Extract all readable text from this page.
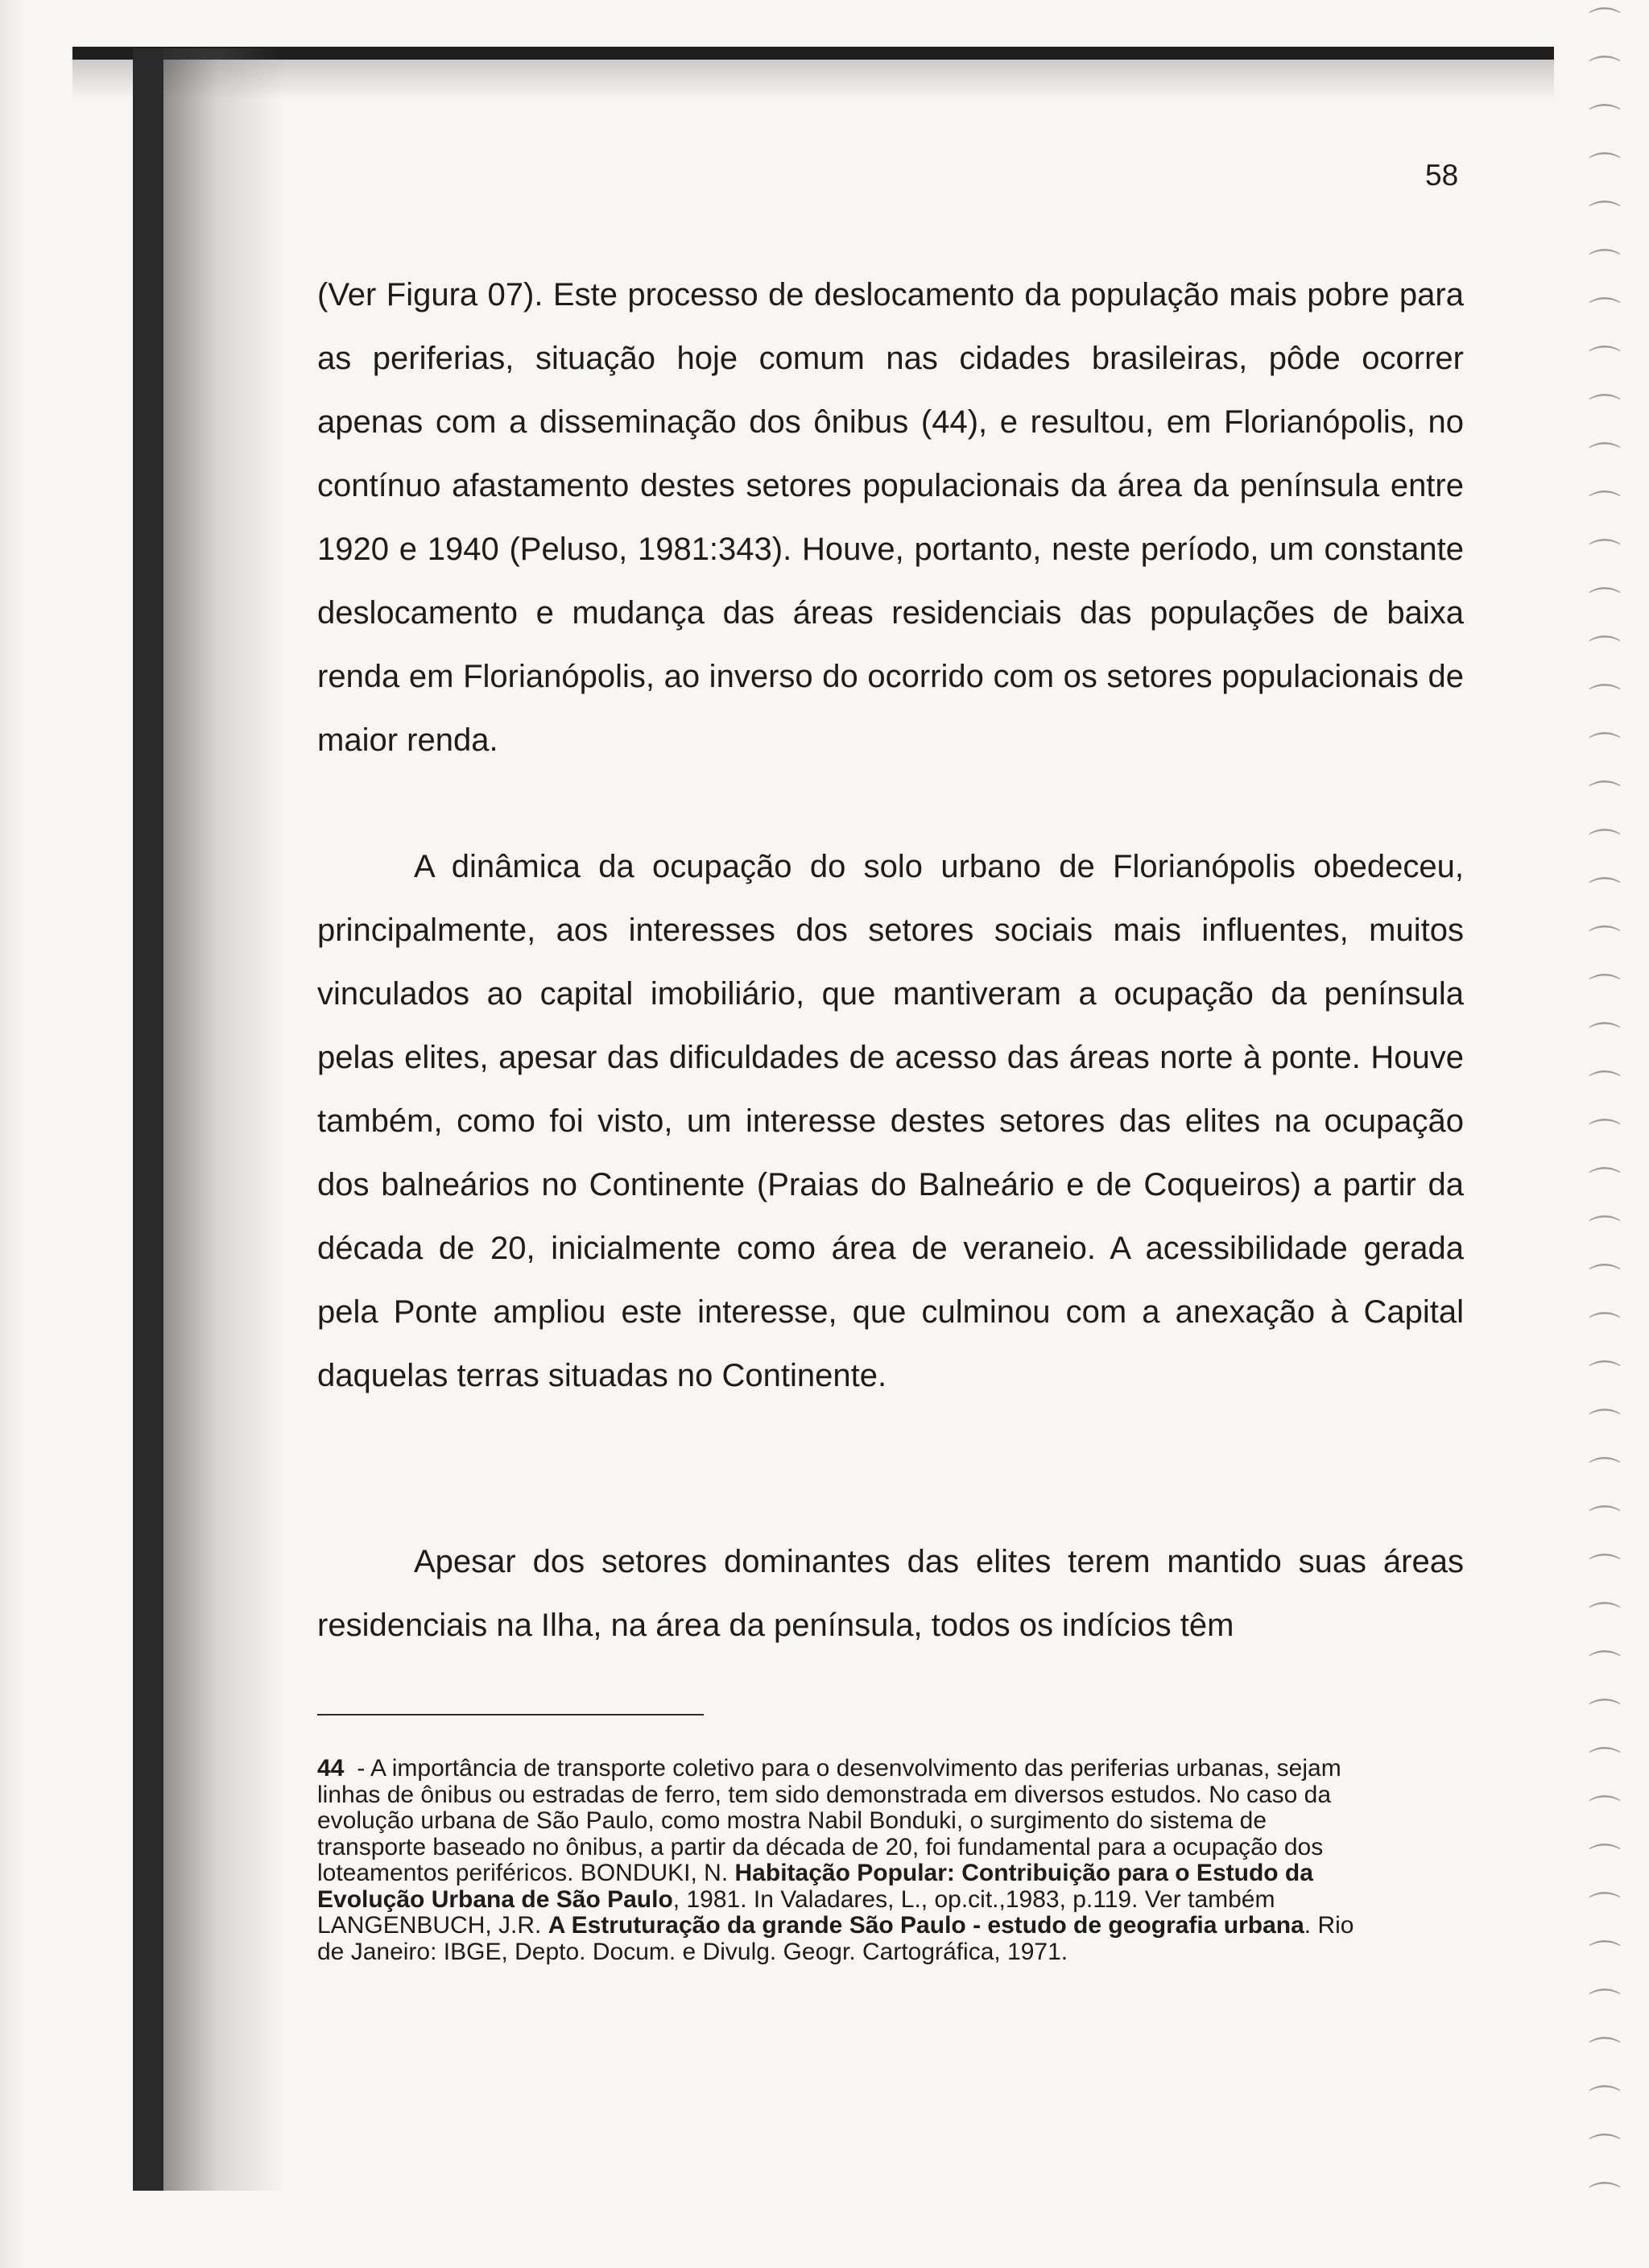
⌒
⌒
⌒
⌒
⌒
⌒
⌒
⌒
⌒
⌒
⌒
⌒
⌒
⌒
⌒
⌒
⌒
⌒
⌒
⌒
⌒
⌒
⌒
⌒
⌒
⌒
⌒
⌒
⌒
⌒
⌒
⌒
⌒
⌒
⌒
⌒
⌒
⌒
⌒
⌒
⌒
⌒
⌒
⌒
⌒
⌒
58

(Ver Figura 07). Este processo de deslocamento da população mais pobre para as periferias, situação hoje comum nas cidades brasileiras, pôde ocorrer apenas com a disseminação dos ônibus (44), e resultou, em Florianópolis, no contínuo afastamento destes setores populacionais da área da península entre 1920 e 1940 (Peluso, 1981:343). Houve, portanto, neste período, um constante deslocamento e mudança das áreas residenciais das populações de baixa renda em Florianópolis, ao inverso do ocorrido com os setores populacionais de maior renda.

A dinâmica da ocupação do solo urbano de Florianópolis obedeceu, principalmente, aos interesses dos setores sociais mais influentes, muitos vinculados ao capital imobiliário, que mantiveram a ocupação da península pelas elites, apesar das dificuldades de acesso das áreas norte à ponte. Houve também, como foi visto, um interesse destes setores das elites na ocupação dos balneários no Continente (Praias do Balneário e de Coqueiros) a partir da década de 20, inicialmente como área de veraneio. A acessibilidade gerada pela Ponte ampliou este interesse, que culminou com a anexação à Capital daquelas terras situadas no Continente.

Apesar dos setores dominantes das elites terem mantido suas áreas residenciais na Ilha, na área da península, todos os indícios têm

44 - A importância de transporte coletivo para o desenvolvimento das periferias urbanas, sejam linhas de ônibus ou estradas de ferro, tem sido demonstrada em diversos estudos. No caso da evolução urbana de São Paulo, como mostra Nabil Bonduki, o surgimento do sistema de transporte baseado no ônibus, a partir da década de 20, foi fundamental para a ocupação dos loteamentos periféricos. BONDUKI, N. Habitação Popular: Contribuição para o Estudo da Evolução Urbana de São Paulo, 1981. In Valadares, L., op.cit.,1983, p.119. Ver também LANGENBUCH, J.R. A Estruturação da grande São Paulo - estudo de geografia urbana. Rio de Janeiro: IBGE, Depto. Docum. e Divulg. Geogr. Cartográfica, 1971.
